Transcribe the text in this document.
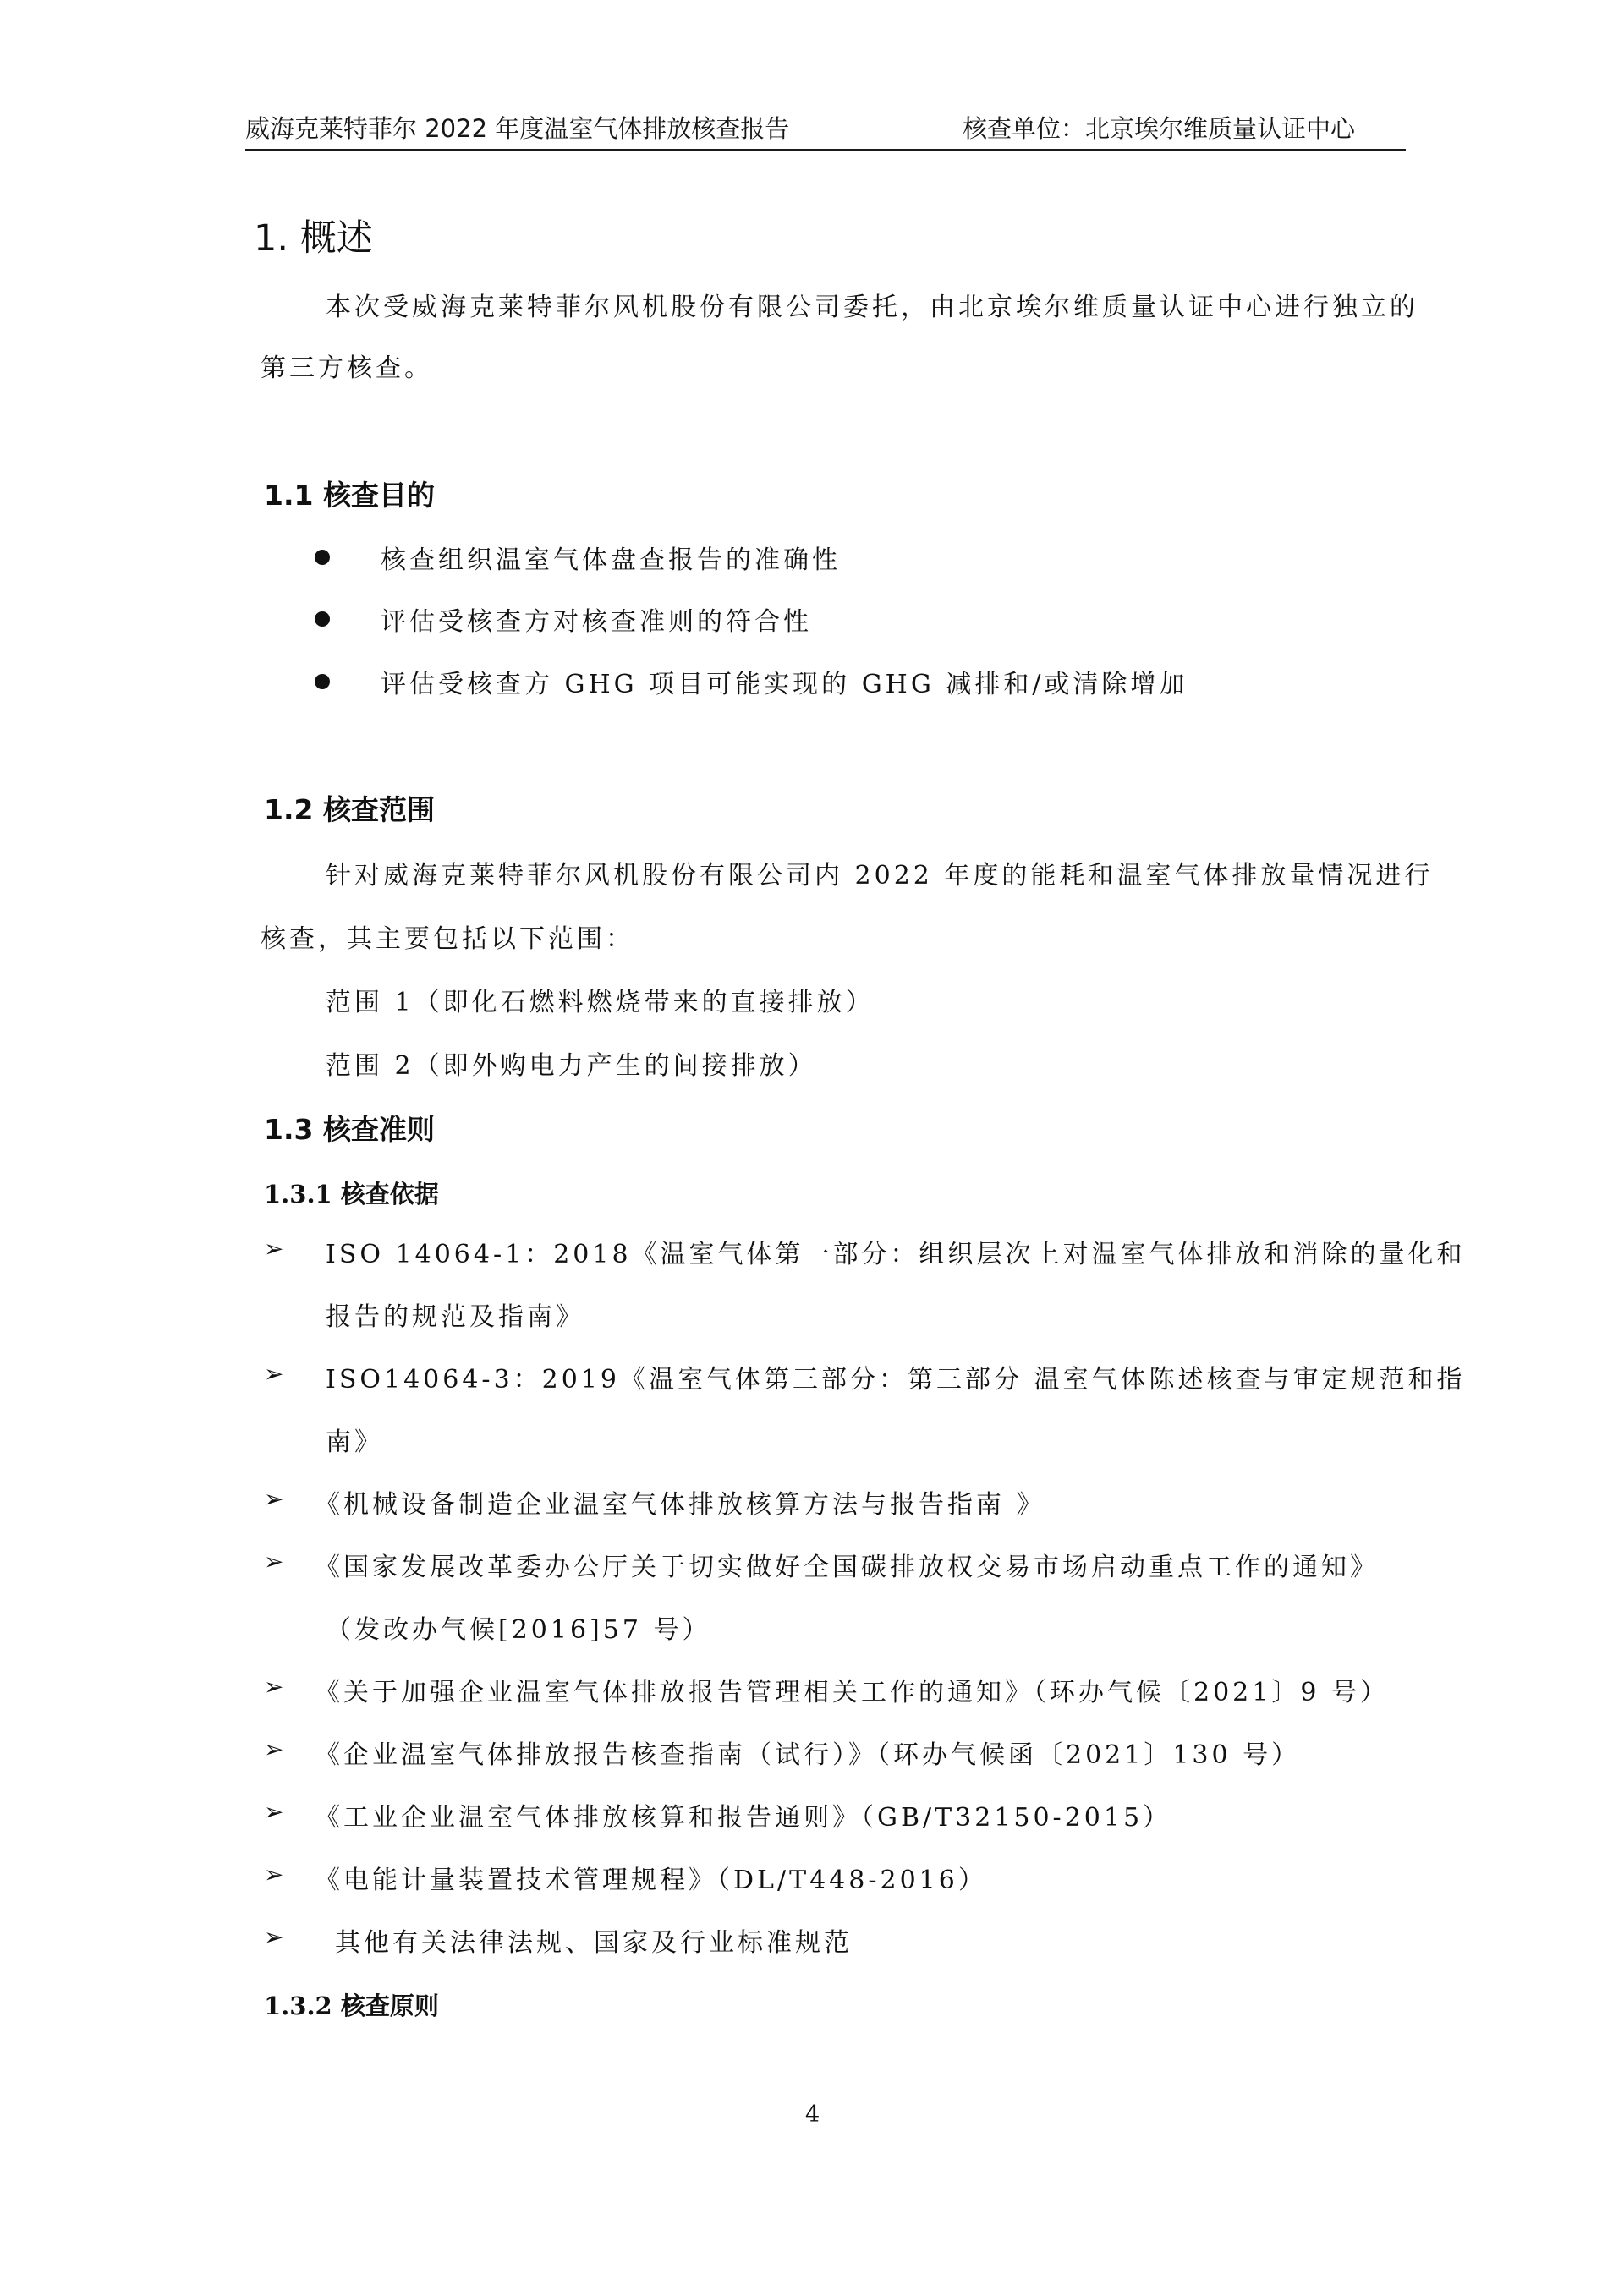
威海克莱特菲尔 2022 年度温室气体排放核查报告	核查单位：北京埃尔维质量认证中心
1. 概述
本次受威海克莱特菲尔风机股份有限公司委托，由北京埃尔维质量认证中心进行独立的
第三方核查。
1.1 核查目的
核查组织温室气体盘查报告的准确性
评估受核查方对核查准则的符合性
评估受核查方 GHG 项目可能实现的 GHG 减排和/或清除增加
1.2 核查范围
针对威海克莱特菲尔风机股份有限公司内 2022 年度的能耗和温室气体排放量情况进行
核查，其主要包括以下范围：
范围 1（即化石燃料燃烧带来的直接排放）
范围 2（即外购电力产生的间接排放）
1.3 核查准则
1.3.1 核查依据
➢ ISO 14064-1：2018《温室气体第一部分：组织层次上对温室气体排放和消除的量化和
报告的规范及指南》
➢ ISO14064-3：2019《温室气体第三部分：第三部分 温室气体陈述核查与审定规范和指
南》
➢ 《机械设备制造企业温室气体排放核算方法与报告指南 》
➢ 《国家发展改革委办公厅关于切实做好全国碳排放权交易市场启动重点工作的通知》
（发改办气候[2016]57 号）
➢ 《关于加强企业温室气体排放报告管理相关工作的通知》（环办气候〔2021〕9 号）
➢ 《企业温室气体排放报告核查指南（试行）》（环办气候函〔2021〕130 号）
➢ 《工业企业温室气体排放核算和报告通则》（GB/T32150-2015）
➢ 《电能计量装置技术管理规程》（DL/T448-2016）
➢ 其他有关法律法规、国家及行业标准规范
1.3.2 核查原则
4
